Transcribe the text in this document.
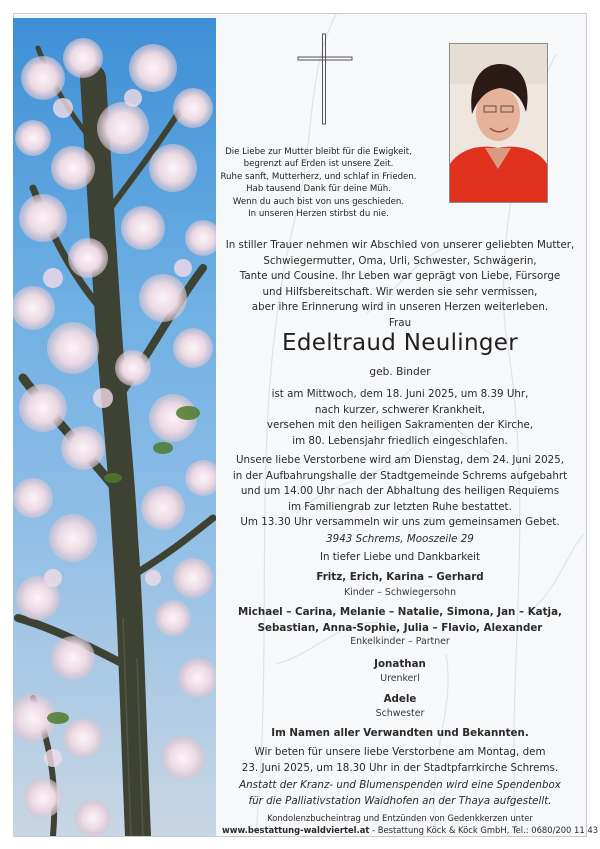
Die Liebe zur Mutter bleibt für die Ewigkeit,
begrenzt auf Erden ist unsere Zeit.
Ruhe sanft, Mutterherz, und schlaf in Frieden.
Hab tausend Dank für deine Müh.
Wenn du auch bist von uns geschieden.
In unseren Herzen stirbst du nie.
In stiller Trauer nehmen wir Abschied von unserer geliebten Mutter,
Schwiegermutter, Oma, Urli, Schwester, Schwägerin,
Tante und Cousine. Ihr Leben war geprägt von Liebe, Fürsorge
und Hilfsbereitschaft. Wir werden sie sehr vermissen,
aber ihre Erinnerung wird in unseren Herzen weiterleben.
Frau
Edeltraud Neulinger
geb. Binder
ist am Mittwoch, dem 18. Juni 2025, um 8.39 Uhr,
nach kurzer, schwerer Krankheit,
versehen mit den heiligen Sakramenten der Kirche,
im 80. Lebensjahr friedlich eingeschlafen.
Unsere liebe Verstorbene wird am Dienstag, dem 24. Juni 2025,
in der Aufbahrungshalle der Stadtgemeinde Schrems aufgebahrt
und um 14.00 Uhr nach der Abhaltung des heiligen Requiems
im Familiengrab zur letzten Ruhe bestattet.
Um 13.30 Uhr versammeln wir uns zum gemeinsamen Gebet.
3943 Schrems, Mooszeile 29
In tiefer Liebe und Dankbarkeit
Fritz, Erich, Karina – Gerhard
Kinder – Schwiegersohn
Michael – Carina, Melanie – Natalie, Simona, Jan – Katja,
Sebastian, Anna-Sophie, Julia – Flavio, Alexander
Enkelkinder – Partner
Jonathan
Urenkerl
Adele
Schwester
Im Namen aller Verwandten und Bekannten.
Wir beten für unsere liebe Verstorbene am Montag, dem
23. Juni 2025, um 18.30 Uhr in der Stadtpfarrkirche Schrems.
Anstatt der Kranz- und Blumenspenden wird eine Spendenbox
für die Palliativstation Waidhofen an der Thaya aufgestellt.
Kondolenzbucheintrag und Entzünden von Gedenkkerzen unter
www.bestattung-waldviertel.at - Bestattung Köck & Köck GmbH, Tel.: 0680/200 11 43
